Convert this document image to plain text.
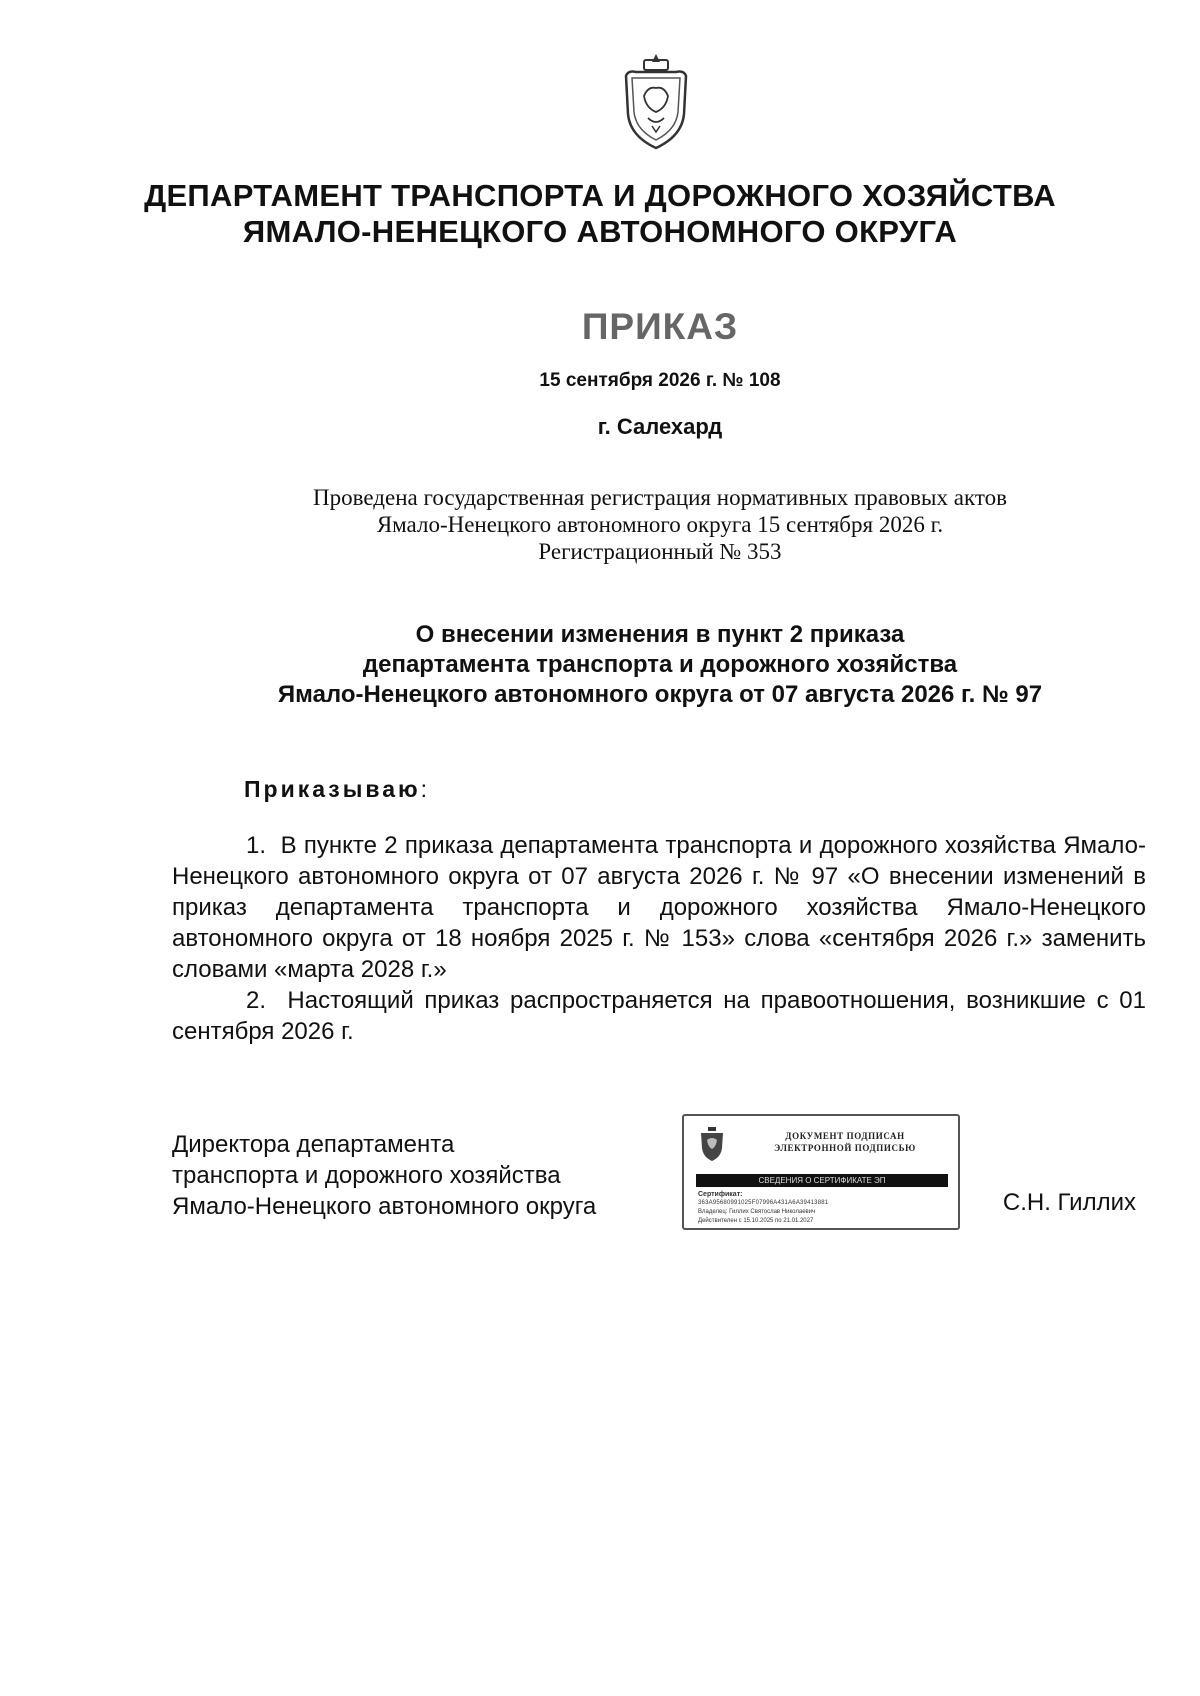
ДЕПАРТАМЕНТ ТРАНСПОРТА И ДОРОЖНОГО ХОЗЯЙСТВА
ЯМАЛО-НЕНЕЦКОГО АВТОНОМНОГО ОКРУГА
ПРИКАЗ
15 сентября 2026 г. № 108
г. Салехард
Проведена государственная регистрация нормативных правовых актов
Ямало-Ненецкого автономного округа 15 сентября 2026 г.
Регистрационный № 353
О внесении изменения в пункт 2 приказа
департамента транспорта и дорожного хозяйства
Ямало-Ненецкого автономного округа от 07 августа 2026 г. № 97
Приказываю:

1.  В пункте 2 приказа департамента транспорта и дорожного хозяйства Ямало-Ненецкого автономного округа от 07 августа 2026 г. № 97 «О внесении изменений в приказ департамента транспорта и дорожного хозяйства Ямало-Ненецкого автономного округа от 18 ноября 2025 г. № 153» слова «сентября 2026 г.» заменить словами «марта 2028 г.»

2.  Настоящий приказ распространяется на правоотношения, возникшие с 01 сентября 2026 г.

Директора департамента
транспорта и дорожного хозяйства
Ямало-Ненецкого автономного округа
ДОКУМЕНТ ПОДПИСАН
ЭЛЕКТРОННОЙ ПОДПИСЬЮ
СВЕДЕНИЯ О СЕРТИФИКАТЕ ЭП
Сертификат:
363A95680991025F07996A431A6A39413881
Владелец: Гиллих Святослав Николаевич
Действителен с 15.10.2025 по 21.01.2027
С.Н. Гиллих
